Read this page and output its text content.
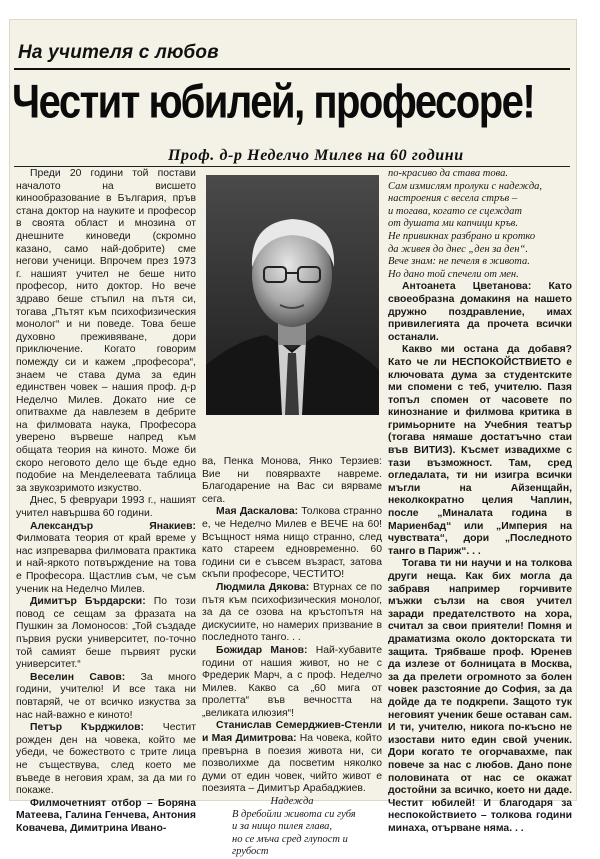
На учителя с любов
Честит юбилей, професоре!
Проф. д-р Неделчо Милев на 60 години

Преди 20 години той постави началото на висшето кинообразование в България, пръв стана доктор на науките и професор в своята област и мнозина от днешните киноведи (скромно казано, само най-добрите) сме негови ученици. Впрочем през 1973 г. нашият учител не беше нито професор, нито доктор. Но вече здраво беше стъпил на пътя си, тогава „Пътят към психофизическия монолог“ и ни поведе. Това беше духовно преживяване, дори приключение. Когато говорим помежду си и кажем „професора“, знаем че става дума за един единствен човек – нашия проф. д-р Неделчо Милев. Докато ние се опитвахме да навлезем в дебрите на филмовата наука, Професора уверено вървеше напред към общата теория на киното. Може би скоро неговото дело ще бъде едно подобие на Менделеевата таблица за звукозримото изкуство.

Днес, 5 февруари 1993 г., нашият учител навършва 60 години.

Александър Янакиев: Филмовата теория от край време у нас изпреварва филмовата практика и най-яркото потвърждение на това е Професора. Щастлив съм, че съм ученик на Неделчо Милев.

Димитър Бърдарски: По този повод се сещам за фразата на Пушкин за Ломоносов: „Той създаде първия руски университет, по-точно той самият беше първият руски университет.“

Веселин Савов: За много години, учителю! И все така ни повтаряй, че от всичко изкуства за нас най-важно е киното!

Петър Кърджилов: Честит рожден ден на човека, който ме убеди, че божеството с трите лица не съществува, след което ме въведе в неговия храм, за да ми го покаже.

Филмочетният отбор – Боряна Матеева, Галина Генчева, Антония Ковачева, Димитрина Ивано-

ва, Пенка Монова, Янко Терзиев: Вие ни повярвахте навреме. Благодарение на Вас си вярваме сега.

Мая Даскалова: Толкова странно е, че Неделчо Милев е ВЕЧЕ на 60! Всъщност няма нищо странно, след като стареем едновременно. 60 години си е съвсем възраст, затова скъпи професоре, ЧЕСТИТО!

Людмила Дякова: Втурнах се по пътя към психофизическия монолог, за да се озова на кръстопътя на дискусиите, но намерих призвание в последното танго. . .

Божидар Манов: Най-хубавите години от нашия живот, но не с Фредерик Марч, а с проф. Неделчо Милев. Какво са „60 мига от пролетта“ във вечността на „великата илюзия“!

Станислав Семерджиев-Стенли и Мая Димитрова: На човека, който превърна в поезия живота ни, си позволихме да посветим няколко думи от един човек, чийто живот е поезията – Димитър Арабаджиев.

Надежда

В дребойли живота си губя
и за нищо пилея глава,
но се мъча сред глупост и грубост

по-красиво да става това.
Сам измислям пролуки с надежда,
настроения с весела стръв –
и тогава, когато се сцеждат
от душата ми капчици кръв.

Не привикнах разбрано и кротко
да живея до днес „ден за ден“.
Вече знам: не печеля в живота.
Но дано той спечели от мен.

Антоанета Цветанова: Като своеобразна домакиня на нашето дружно поздравление, имах привилегията да прочета всички останали.

Какво ми остана да добавя? Като че ли НЕСПОКОЙСТВИЕТО е ключовата дума за студентските ми спомени с теб, учителю. Пазя топъл спомен от часовете по кинознание и филмова критика в гримьорните на Учебния театър (тогава нямаше достатъчно стаи във ВИТИЗ). Късмет извадихме с тази възможност. Там, сред огледалата, ти ни изигра всички мъгли на Айзенщайн, неколкократно целия Чаплин, после „Миналата година в Мариенбад“ или „Империя на чувствата“, дори „Последното танго в Париж“. . .

Тогава ти ни научи и на толкова други неща. Как бих могла да забравя например горчивите мъжки сълзи на своя учител заради предателството на хора, считал за свои приятели! Помня и драматизма около докторската ти защита. Трябваше проф. Юренев да излезе от болницата в Москва, за да прелети огромното за болен човек разстояние до София, за да дойде да те подкрепи. Защото тук неговият ученик беше оставан сам. И ти, учителю, никога по-късно не изостави нито един свой ученик. Дори когато те огорчавахме, пак повече за нас с любов. Дано поне половината от нас се окажат достойни за всичко, което ни даде. Честит юбилей! И благодаря за неспокойствието – толкова години минаха, отърване няма. . .
